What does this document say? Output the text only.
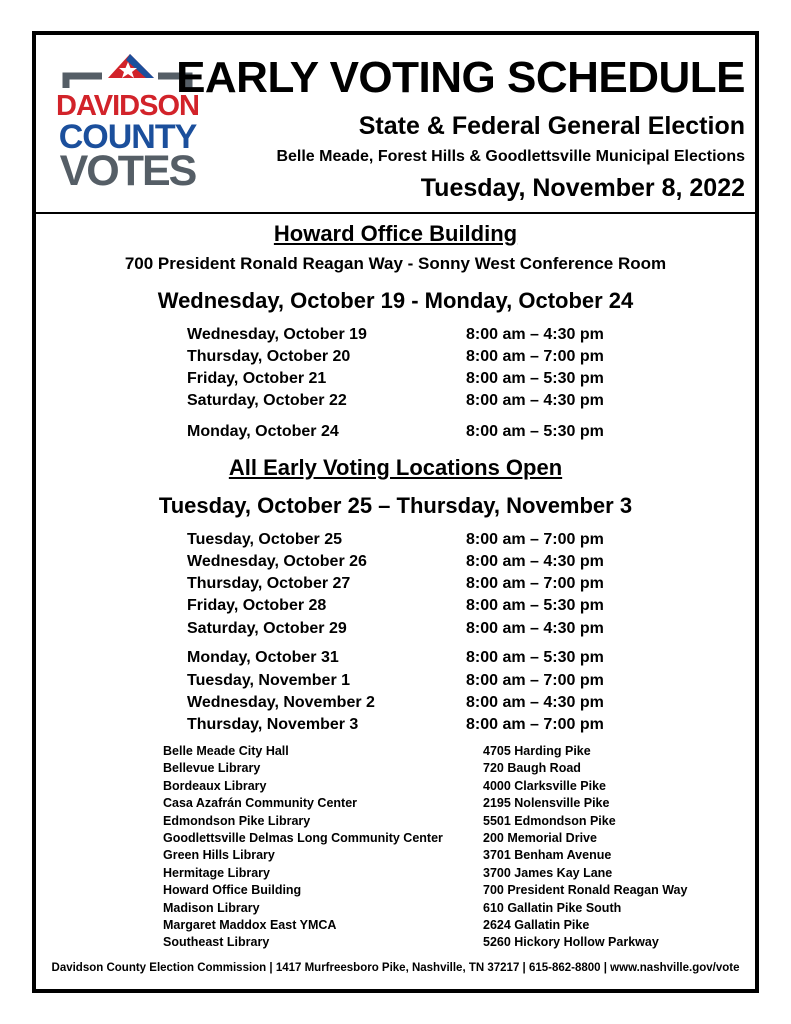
DAVIDSON
COUNTY
VOTES
EARLY VOTING SCHEDULE
State & Federal General Election
Belle Meade, Forest Hills & Goodlettsville Municipal Elections
Tuesday, November 8, 2022
Howard Office Building
700 President Ronald Reagan Way - Sonny West Conference Room
Wednesday, October 19 - Monday, October 24
Wednesday, October 19	8:00 am – 4:30 pm
Thursday, October 20	8:00 am – 7:00 pm
Friday, October 21	8:00 am – 5:30 pm
Saturday, October 22	8:00 am – 4:30 pm
Monday, October 24	8:00 am – 5:30 pm
All Early Voting Locations Open
Tuesday, October 25 – Thursday, November 3
Tuesday, October 25	8:00 am – 7:00 pm
Wednesday, October 26	8:00 am – 4:30 pm
Thursday, October 27	8:00 am – 7:00 pm
Friday, October 28	8:00 am – 5:30 pm
Saturday, October 29	8:00 am – 4:30 pm
Monday, October 31	8:00 am – 5:30 pm
Tuesday, November 1	8:00 am – 7:00 pm
Wednesday, November 2	8:00 am – 4:30 pm
Thursday, November 3	8:00 am – 7:00 pm
Belle Meade City Hall	4705 Harding Pike
Bellevue Library	720 Baugh Road
Bordeaux Library	4000 Clarksville Pike
Casa Azafrán Community Center	2195 Nolensville Pike
Edmondson Pike Library	5501 Edmondson Pike
Goodlettsville Delmas Long Community Center	200 Memorial Drive
Green Hills Library	3701 Benham Avenue
Hermitage Library	3700 James Kay Lane
Howard Office Building	700 President Ronald Reagan Way
Madison Library	610 Gallatin Pike South
Margaret Maddox East YMCA	2624 Gallatin Pike
Southeast Library	5260 Hickory Hollow Parkway
Davidson County Election Commission | 1417 Murfreesboro Pike, Nashville, TN 37217 | 615-862-8800 | www.nashville.gov/vote
